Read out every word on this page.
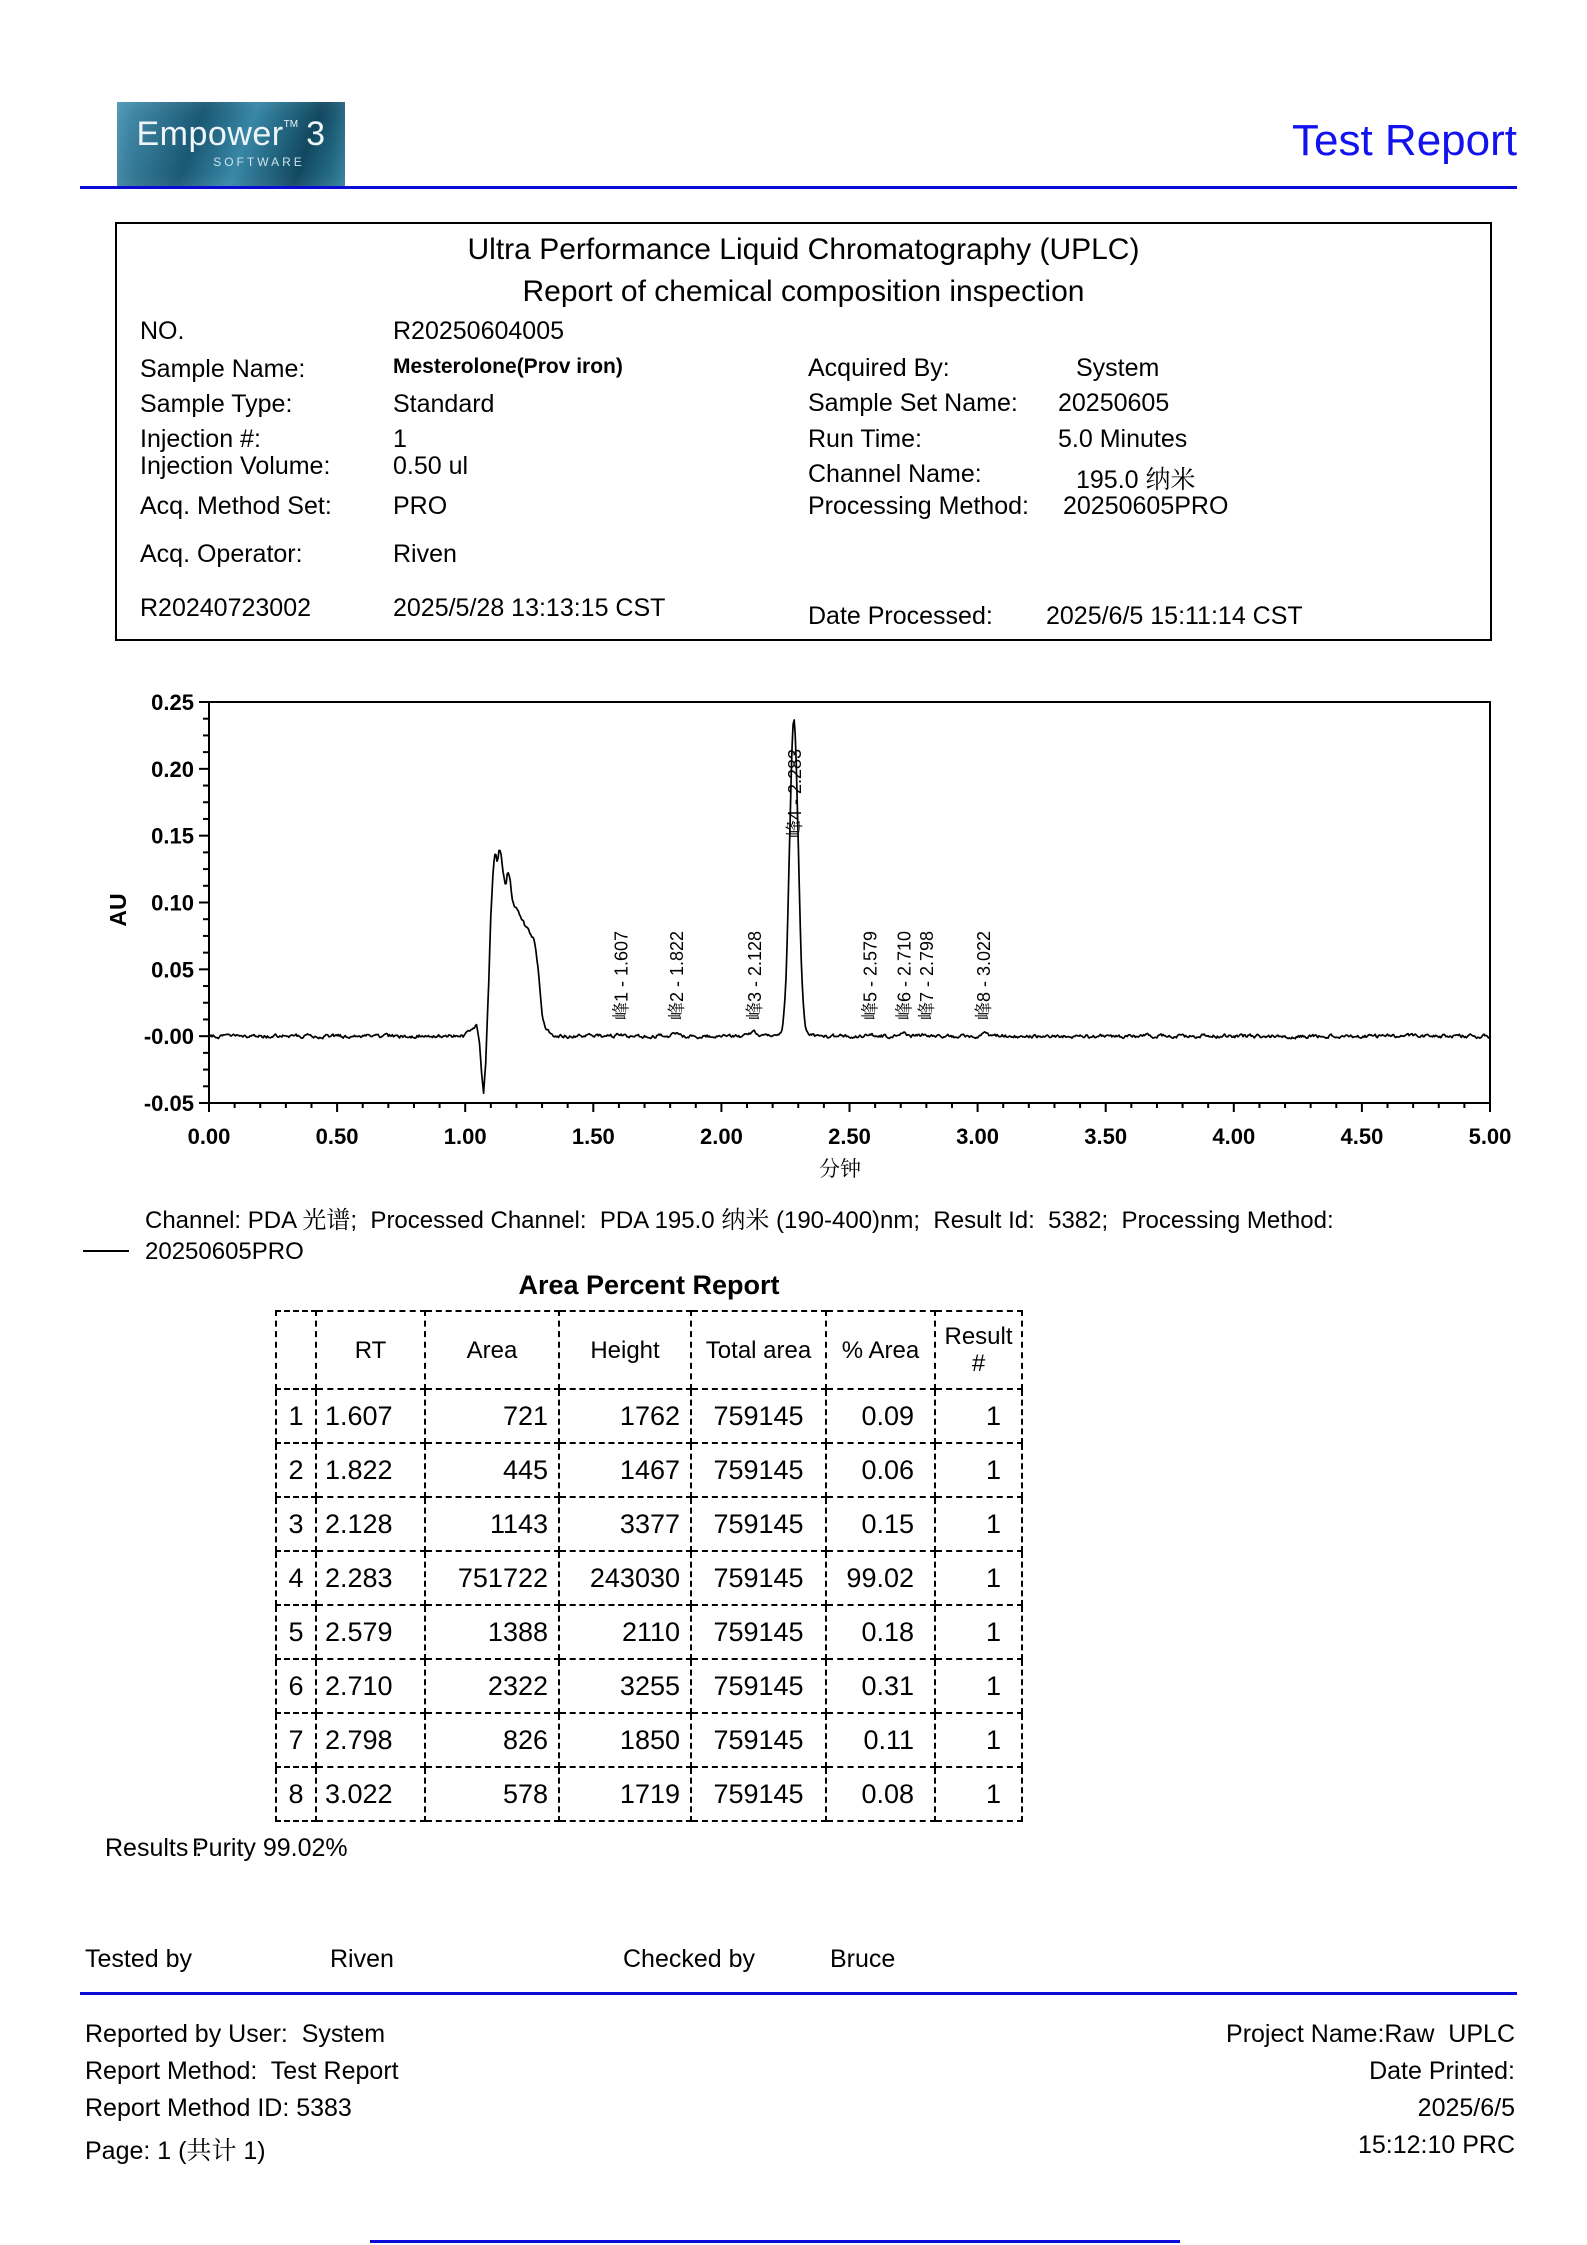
Empower™ 3
SOFTWARE	Test Report
Ultra Performance Liquid Chromatography (UPLC)
Report of chemical composition inspection
NO.	R20250604005
Sample Name:	Mesterolone(Prov iron)
Sample Type:	Standard
Injection #:	1
Injection Volume:	0.50 ul
Acq. Method Set: PRO
Acq. Operator:	Riven
R20240723002	2025/5/28 13:13:15 CST
Acquired By:	System
Sample Set Name: 20250605
Run Time:	5.0 Minutes
Channel Name:	195.0 纳米
Processing Method: 20250605PRO
Date Processed: 2025/6/5 15:11:14 CST
-0.05
-0.00
0.05
0.10
0.15
0.20
0.25
0.00	0.50	1.00	1.50	2.00	2.50	3.00	3.50	4.00	4.50	5.00
AU
分钟
峰1 - 1.607 峰2 - 1.822	峰3 - 2.128
峰4 - 2.283
峰5 - 2.579 峰6 - 2.710 峰7 - 2.798 峰8 - 3.022
Channel: PDA 光谱;  Processed Channel:  PDA 195.0 纳米 (190-400)nm;  Result Id:  5382;  Processing Method:
20250605PRO
Area Percent Report
	RT	Area	Height	Total area	% Area	Result #
1	1.607	721	1762	759145	0.09	1
2	1.822	445	1467	759145	0.06	1
3	2.128	1143	3377	759145	0.15	1
4	2.283	751722	243030	759145	99.02	1
5	2.579	1388	2110	759145	0.18	1
6	2.710	2322	3255	759145	0.31	1
7	2.798	826	1850	759145	0.11	1
8	3.022	578	1719	759145	0.08	1
Results :
Purity 99.02%
Tested by	Riven	Checked by	Bruce
Reported by User:  System
Report Method:  Test Report
Report Method ID: 5383
Page: 1 (共计 1)
Project Name:Raw  UPLC
Date Printed:
2025/6/5
15:12:10 PRC
